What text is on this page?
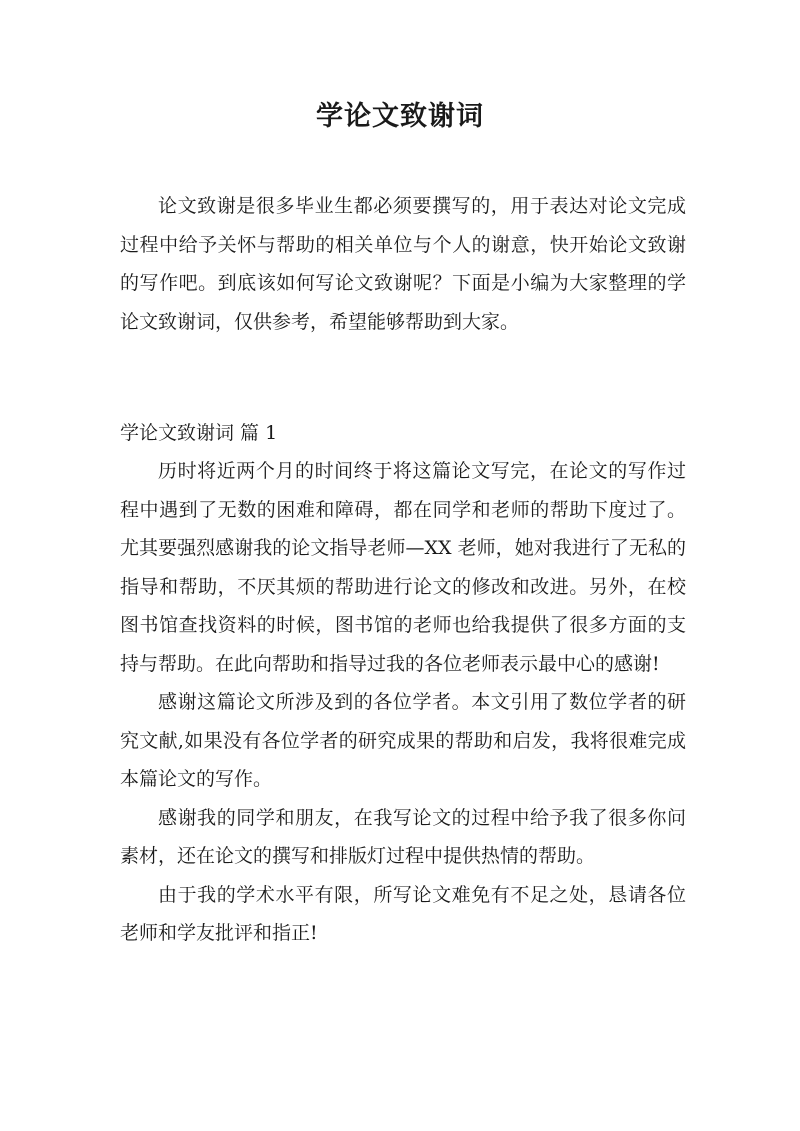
学论文致谢词

论文致谢是很多毕业生都必须要撰写的，用于表达对论文完成过程中给予关怀与帮助的相关单位与个人的谢意，快开始论文致谢的写作吧。到底该如何写论文致谢呢？下面是小编为大家整理的学论文致谢词，仅供参考，希望能够帮助到大家。

学论文致谢词 篇 1

历时将近两个月的时间终于将这篇论文写完，在论文的写作过程中遇到了无数的困难和障碍，都在同学和老师的帮助下度过了。尤其要强烈感谢我的论文指导老师—XX 老师，她对我进行了无私的指导和帮助，不厌其烦的帮助进行论文的修改和改进。另外，在校图书馆查找资料的时候，图书馆的老师也给我提供了很多方面的支持与帮助。在此向帮助和指导过我的各位老师表示最中心的感谢!

感谢这篇论文所涉及到的各位学者。本文引用了数位学者的研究文献,如果没有各位学者的研究成果的帮助和启发，我将很难完成本篇论文的写作。

感谢我的同学和朋友，在我写论文的过程中给予我了很多你问素材，还在论文的撰写和排版灯过程中提供热情的帮助。

由于我的学术水平有限，所写论文难免有不足之处，恳请各位老师和学友批评和指正!
